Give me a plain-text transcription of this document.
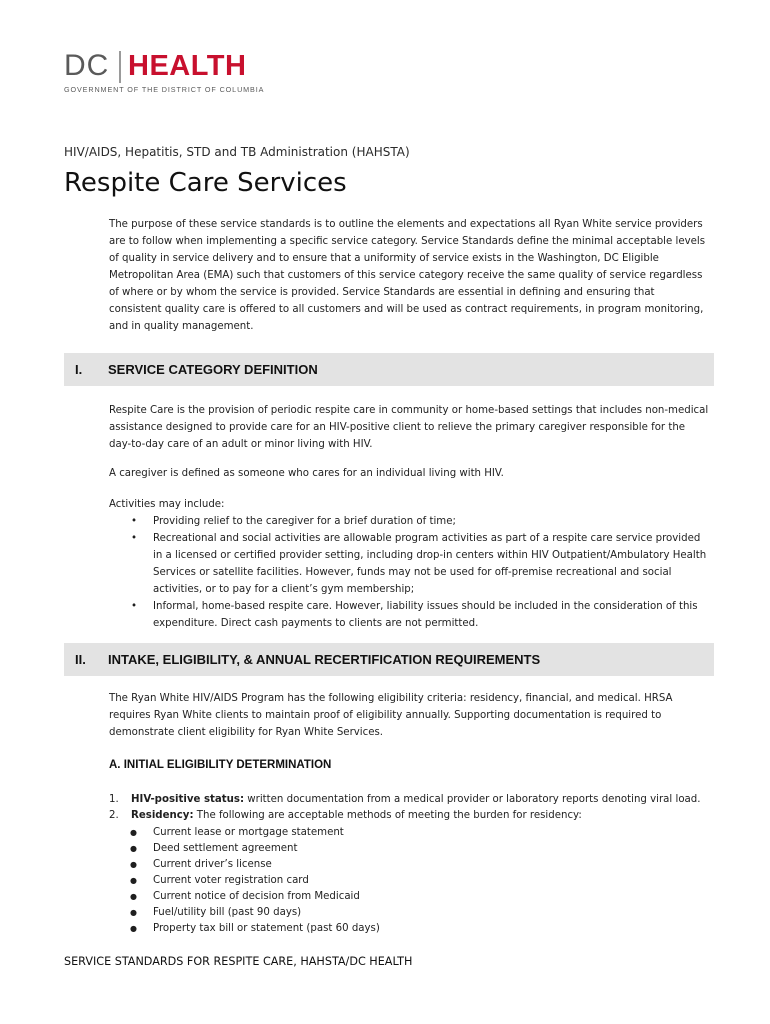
DC HEALTH
GOVERNMENT OF THE DISTRICT OF COLUMBIA
HIV/AIDS, Hepatitis, STD and TB Administration (HAHSTA)
Respite Care Services

The purpose of these service standards is to outline the elements and expectations all Ryan White service providers are to follow when implementing a specific service category. Service Standards define the minimal acceptable levels of quality in service delivery and to ensure that a uniformity of service exists in the Washington, DC Eligible Metropolitan Area (EMA) such that customers of this service category receive the same quality of service regardless of where or by whom the service is provided. Service Standards are essential in defining and ensuring that consistent quality care is offered to all customers and will be used as contract requirements, in program monitoring, and in quality management.

I. SERVICE CATEGORY DEFINITION

Respite Care is the provision of periodic respite care in community or home-based settings that includes non-medical assistance designed to provide care for an HIV-positive client to relieve the primary caregiver responsible for the day-to-day care of an adult or minor living with HIV.

A caregiver is defined as someone who cares for an individual living with HIV.

Activities may include:
• Providing relief to the caregiver for a brief duration of time;
• Recreational and social activities are allowable program activities as part of a respite care service provided in a licensed or certified provider setting, including drop-in centers within HIV Outpatient/Ambulatory Health Services or satellite facilities. However, funds may not be used for off-premise recreational and social activities, or to pay for a client’s gym membership;
• Informal, home-based respite care. However, liability issues should be included in the consideration of this expenditure. Direct cash payments to clients are not permitted.
II. INTAKE, ELIGIBILITY, & ANNUAL RECERTIFICATION REQUIREMENTS

The Ryan White HIV/AIDS Program has the following eligibility criteria: residency, financial, and medical. HRSA requires Ryan White clients to maintain proof of eligibility annually. Supporting documentation is required to demonstrate client eligibility for Ryan White Services.

A. INITIAL ELIGIBILITY DETERMINATION
1. HIV-positive status: written documentation from a medical provider or laboratory reports denoting viral load.
2. Residency: The following are acceptable methods of meeting the burden for residency:
● Current lease or mortgage statement
● Deed settlement agreement
● Current driver’s license
● Current voter registration card
● Current notice of decision from Medicaid
● Fuel/utility bill (past 90 days)
● Property tax bill or statement (past 60 days)
SERVICE STANDARDS FOR RESPITE CARE, HAHSTA/DC HEALTH
